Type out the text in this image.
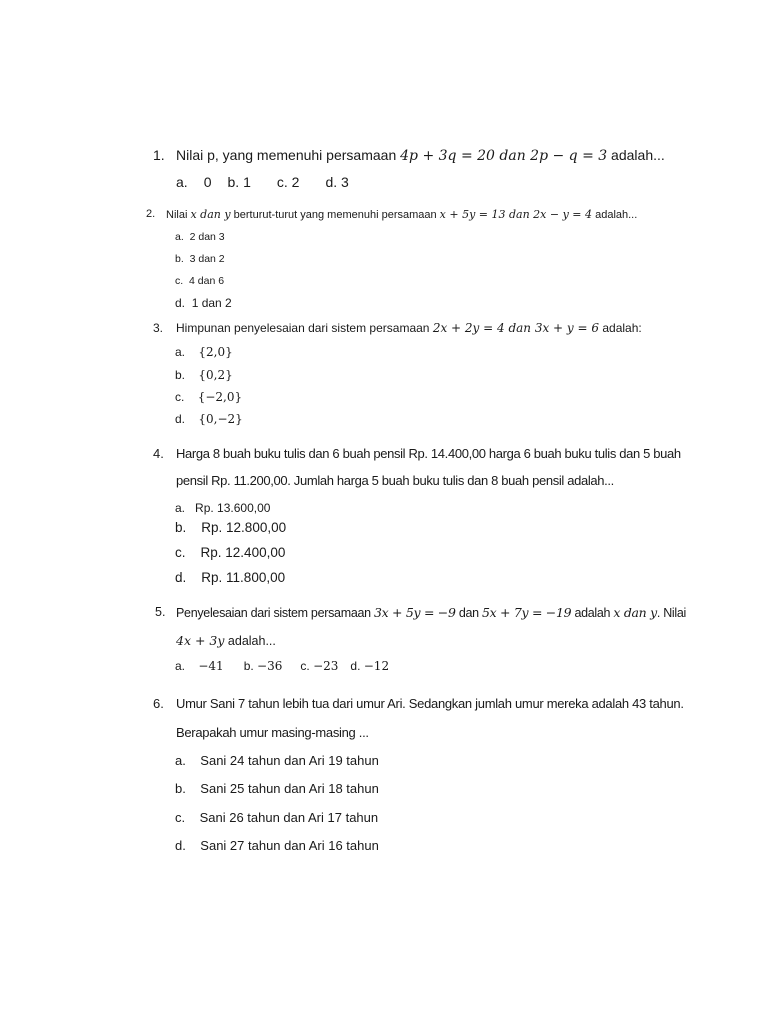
1. Nilai p, yang memenuhi persamaan 4p + 3q = 20 dan 2p − q = 3 adalah...
a. 0 b. 1 c. 2 d. 3
2. Nilai x dan y berturut-turut yang memenuhi persamaan x + 5y = 13 dan 2x − y = 4 adalah...
a. 2 dan 3
b. 3 dan 2
c. 4 dan 6
d. 1 dan 2
3. Himpunan penyelesaian dari sistem persamaan 2x + 2y = 4 dan 3x + y = 6 adalah:
a. {2,0}
b. {0,2}
c. {−2,0}
d. {0,−2}
4. Harga 8 buah buku tulis dan 6 buah pensil Rp. 14.400,00 harga 6 buah buku tulis dan 5 buah
pensil Rp. 11.200,00. Jumlah harga 5 buah buku tulis dan 8 buah pensil adalah...
a. Rp. 13.600,00
b. Rp. 12.800,00
c. Rp. 12.400,00
d. Rp. 11.800,00
5. Penyelesaian dari sistem persamaan 3x + 5y = −9 dan 5x + 7y = −19 adalah x dan y. Nilai
4x + 3y adalah...
a. −41 b. −36 c. −23 d. −12
6. Umur Sani 7 tahun lebih tua dari umur Ari. Sedangkan jumlah umur mereka adalah 43 tahun.
Berapakah umur masing-masing ...
a. Sani 24 tahun dan Ari 19 tahun
b. Sani 25 tahun dan Ari 18 tahun
c. Sani 26 tahun dan Ari 17 tahun
d. Sani 27 tahun dan Ari 16 tahun
